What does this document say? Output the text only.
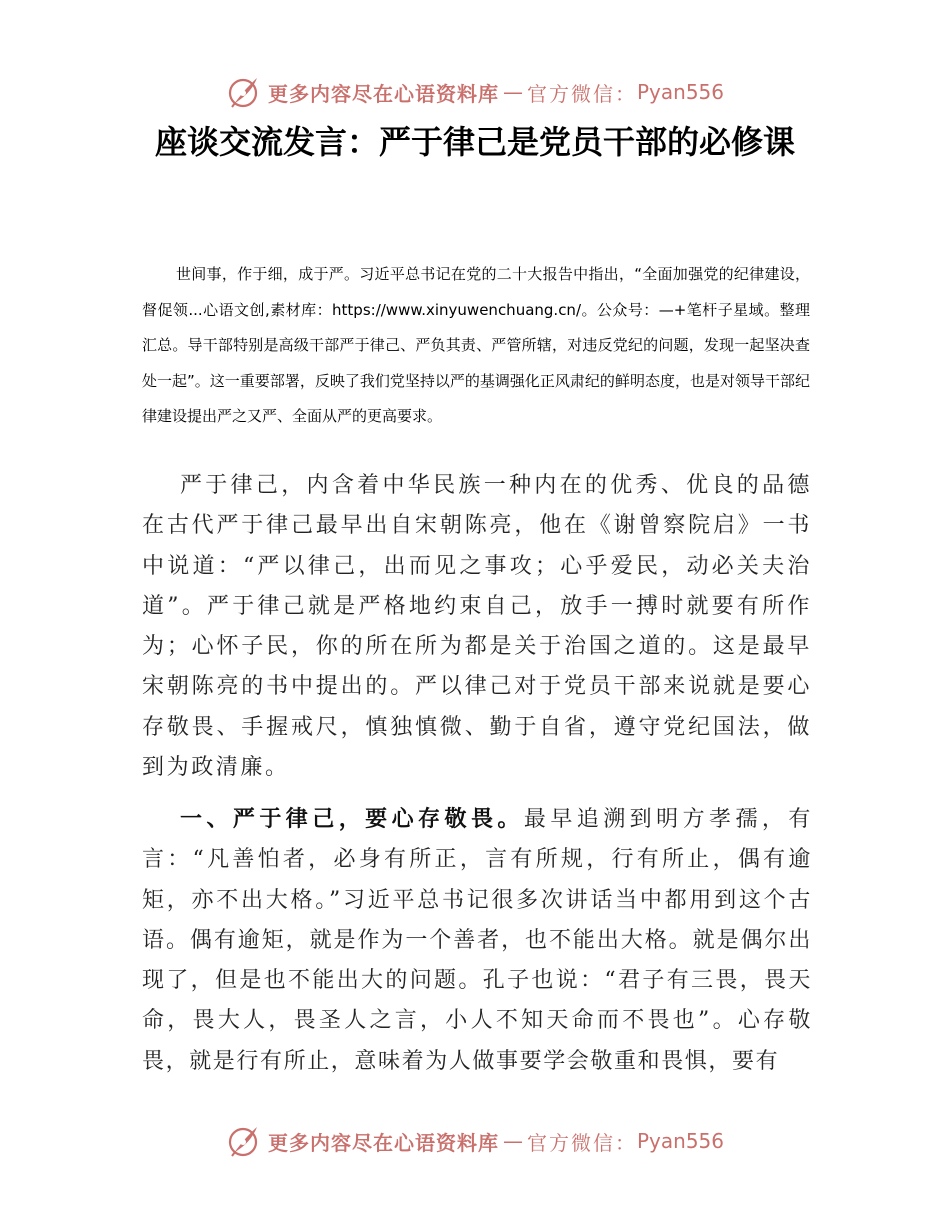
更多内容尽在心语资料库 — 官方微信： Pyan556
座谈交流发言：严于律己是党员干部的必修课

世间事，作于细，成于严。习近平总书记在党的二十大报告中指出，“全面加强党的纪律建设，督促领...心语文创,素材库：https://www.xinyuwenchuang.cn/。公众号：—+笔杆子星域。整理汇总。导干部特别是高级干部严于律己、严负其责、严管所辖，对违反党纪的问题，发现一起坚决查处一起”。这一重要部署，反映了我们党坚持以严的基调强化正风肃纪的鲜明态度，也是对领导干部纪律建设提出严之又严、全面从严的更高要求。

严于律己，内含着中华民族一种内在的优秀、优良的品德在古代严于律己最早出自宋朝陈亮，他在《谢曾察院启》一书中说道：“严以律己，出而见之事攻；心乎爱民，动必关夫治道”。严于律己就是严格地约束自己，放手一搏时就要有所作为；心怀子民，你的所在所为都是关于治国之道的。这是最早宋朝陈亮的书中提出的。严以律己对于党员干部来说就是要心存敬畏、手握戒尺，慎独慎微、勤于自省，遵守党纪国法，做到为政清廉。

一、严于律己，要心存敬畏。最早追溯到明方孝孺，有言：“凡善怕者，必身有所正，言有所规，行有所止，偶有逾矩，亦不出大格。”习近平总书记很多次讲话当中都用到这个古语。偶有逾矩，就是作为一个善者，也不能出大格。就是偶尔出现了，但是也不能出大的问题。孔子也说：“君子有三畏，畏天命，畏大人，畏圣人之言，小人不知天命而不畏也”。心存敬畏，就是行有所止，意味着为人做事要学会敬重和畏惧，要有

更多内容尽在心语资料库 — 官方微信： Pyan556
